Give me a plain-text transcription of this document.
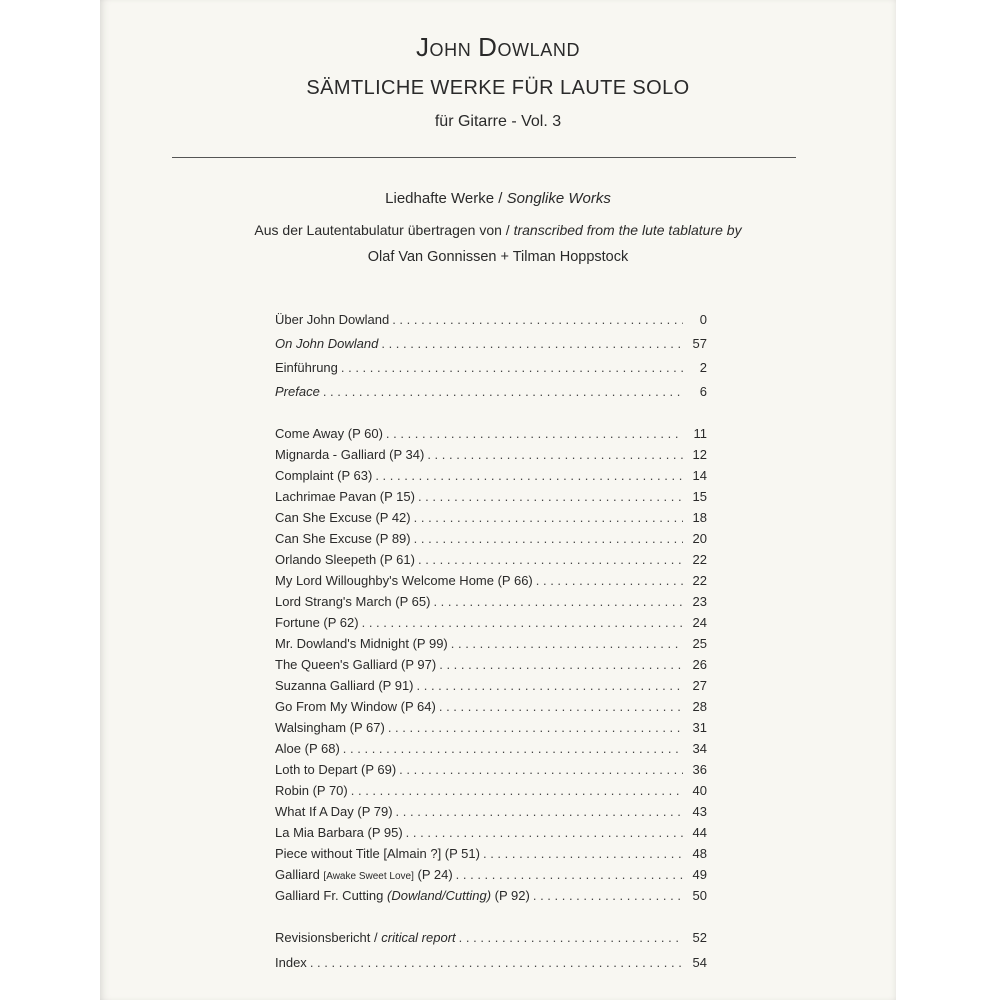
John Dowland
SÄMTLICHE WERKE FÜR LAUTE SOLO
für Gitarre - Vol. 3
Liedhafte Werke / Songlike Works
Aus der Lautentabulatur übertragen von / transcribed from the lute tablature by
Olaf Van Gonnissen + Tilman Hoppstock
Über John Dowland . . .	0
On John Dowland . . .	57
Einführung . . .	2
Preface . . .	6
Come Away (P 60) . . .	11
Mignarda - Galliard (P 34) . . .	12
Complaint (P 63) . . .	14
Lachrimae Pavan (P 15) . . .	15
Can She Excuse (P 42) . . .	18
Can She Excuse (P 89) . . .	20
Orlando Sleepeth (P 61) . . .	22
My Lord Willoughby's Welcome Home (P 66) . . .	22
Lord Strang's March (P 65) . . .	23
Fortune (P 62) . . .	24
Mr. Dowland's Midnight (P 99) . . .	25
The Queen's Galliard (P 97) . . .	26
Suzanna Galliard (P 91) . . .	27
Go From My Window (P 64) . . .	28
Walsingham (P 67) . . .	31
Aloe (P 68) . . .	34
Loth to Depart (P 69) . . .	36
Robin (P 70) . . .	40
What If A Day (P 79) . . .	43
La Mia Barbara (P 95) . . .	44
Piece without Title [Almain ?] (P 51) . . .	48
Galliard [Awake Sweet Love] (P 24) . . .	49
Galliard Fr. Cutting (Dowland/Cutting) (P 92) . . .	50
Revisionsbericht / critical report . . .	52
Index . . .	54
